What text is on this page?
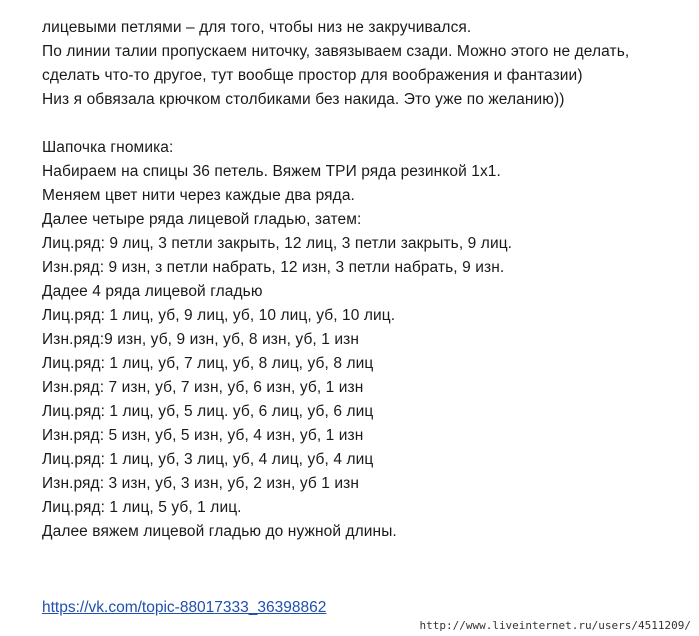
лицевыми петлями – для того, чтобы низ не закручивался.
По линии талии пропускаем ниточку, завязываем сзади. Можно этого не делать,
сделать что-то другое, тут вообще простор для воображения и фантазии)
Низ я обвязала крючком столбиками без накида. Это уже по желанию))
Шапочка гномика:
Набираем на спицы 36 петель. Вяжем ТРИ ряда резинкой 1х1.
Меняем цвет нити через каждые два ряда.
Далее четыре ряда лицевой гладью, затем:
Лиц.ряд: 9 лиц, 3 петли закрыть, 12 лиц, 3 петли закрыть, 9 лиц.
Изн.ряд: 9 изн, з петли набрать, 12 изн, 3 петли набрать, 9 изн.
Дадее 4 ряда лицевой гладью
Лиц.ряд: 1 лиц, уб, 9 лиц, уб, 10 лиц, уб, 10 лиц.
Изн.ряд:9 изн, уб, 9 изн, уб, 8 изн, уб, 1 изн
Лиц.ряд: 1 лиц, уб, 7 лиц, уб, 8 лиц, уб, 8 лиц
Изн.ряд: 7 изн, уб, 7 изн, уб, 6 изн, уб, 1 изн
Лиц.ряд: 1 лиц, уб, 5 лиц. уб, 6 лиц, уб, 6 лиц
Изн.ряд: 5 изн, уб, 5 изн, уб, 4 изн, уб, 1 изн
Лиц.ряд: 1 лиц, уб, 3 лиц, уб, 4 лиц, уб, 4 лиц
Изн.ряд: 3 изн, уб, 3 изн, уб, 2 изн, уб 1 изн
Лиц.ряд: 1 лиц, 5 уб, 1 лиц.
Далее вяжем лицевой гладью до нужной длины.
https://vk.com/topic-88017333_36398862
http://www.liveinternet.ru/users/4511209/
